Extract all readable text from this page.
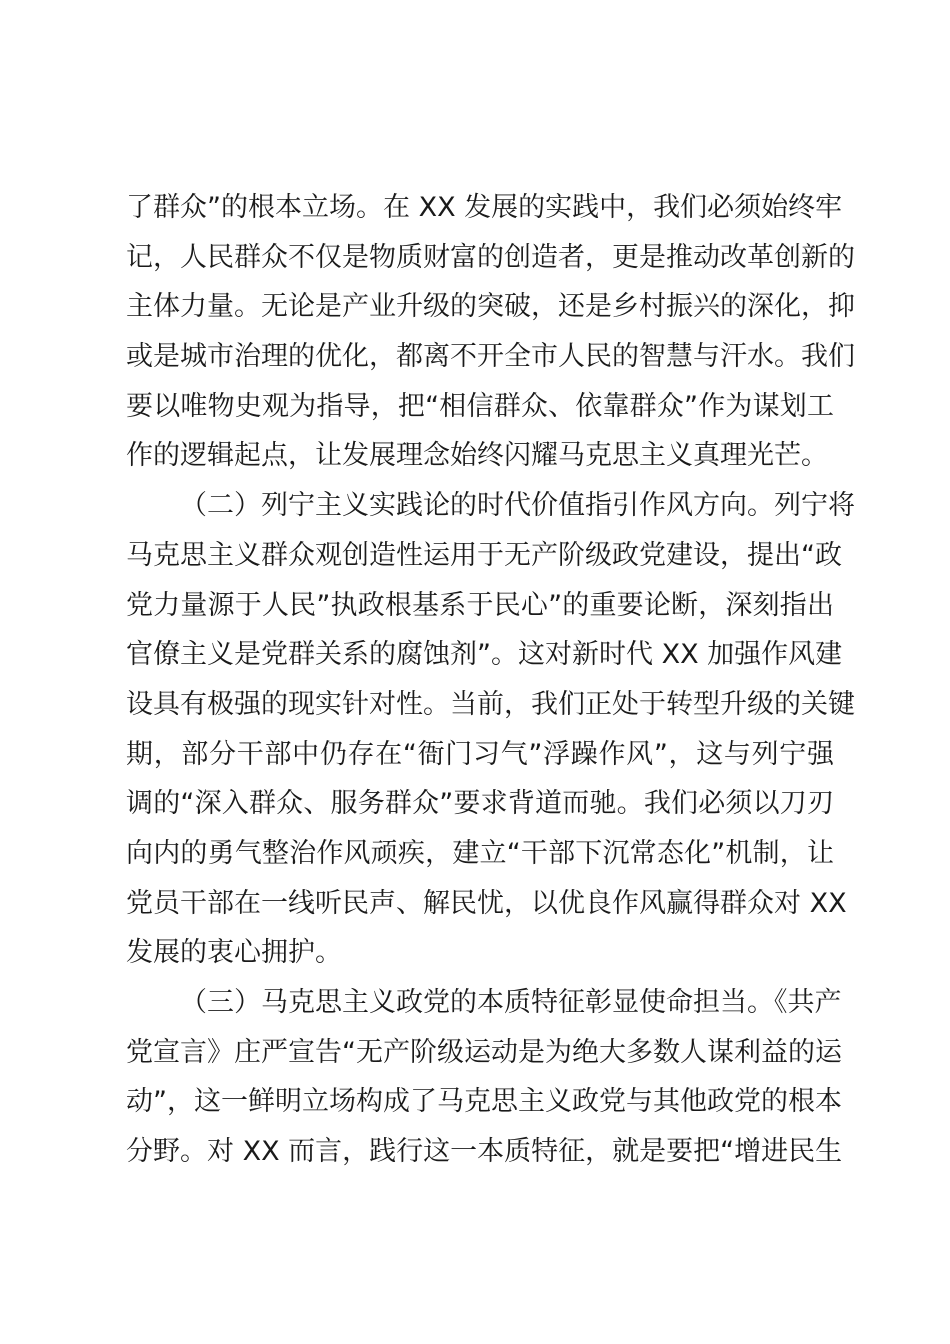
了群众”的根本立场。在 XX 发展的实践中，我们必须始终牢
记，人民群众不仅是物质财富的创造者，更是推动改革创新的
主体力量。无论是产业升级的突破，还是乡村振兴的深化，抑
或是城市治理的优化，都离不开全市人民的智慧与汗水。我们
要以唯物史观为指导，把“相信群众、依靠群众”作为谋划工
作的逻辑起点，让发展理念始终闪耀马克思主义真理光芒。
（二）列宁主义实践论的时代价值指引作风方向。列宁将
马克思主义群众观创造性运用于无产阶级政党建设，提出“政
党力量源于人民”执政根基系于民心”的重要论断，深刻指出
官僚主义是党群关系的腐蚀剂”。这对新时代 XX 加强作风建
设具有极强的现实针对性。当前，我们正处于转型升级的关键
期，部分干部中仍存在“衙门习气”浮躁作风”，这与列宁强
调的“深入群众、服务群众”要求背道而驰。我们必须以刀刃
向内的勇气整治作风顽疾，建立“干部下沉常态化”机制，让
党员干部在一线听民声、解民忧，以优良作风赢得群众对 XX
发展的衷心拥护。
（三）马克思主义政党的本质特征彰显使命担当。《共产
党宣言》庄严宣告“无产阶级运动是为绝大多数人谋利益的运
动”，这一鲜明立场构成了马克思主义政党与其他政党的根本
分野。对 XX 而言，践行这一本质特征，就是要把“增进民生
